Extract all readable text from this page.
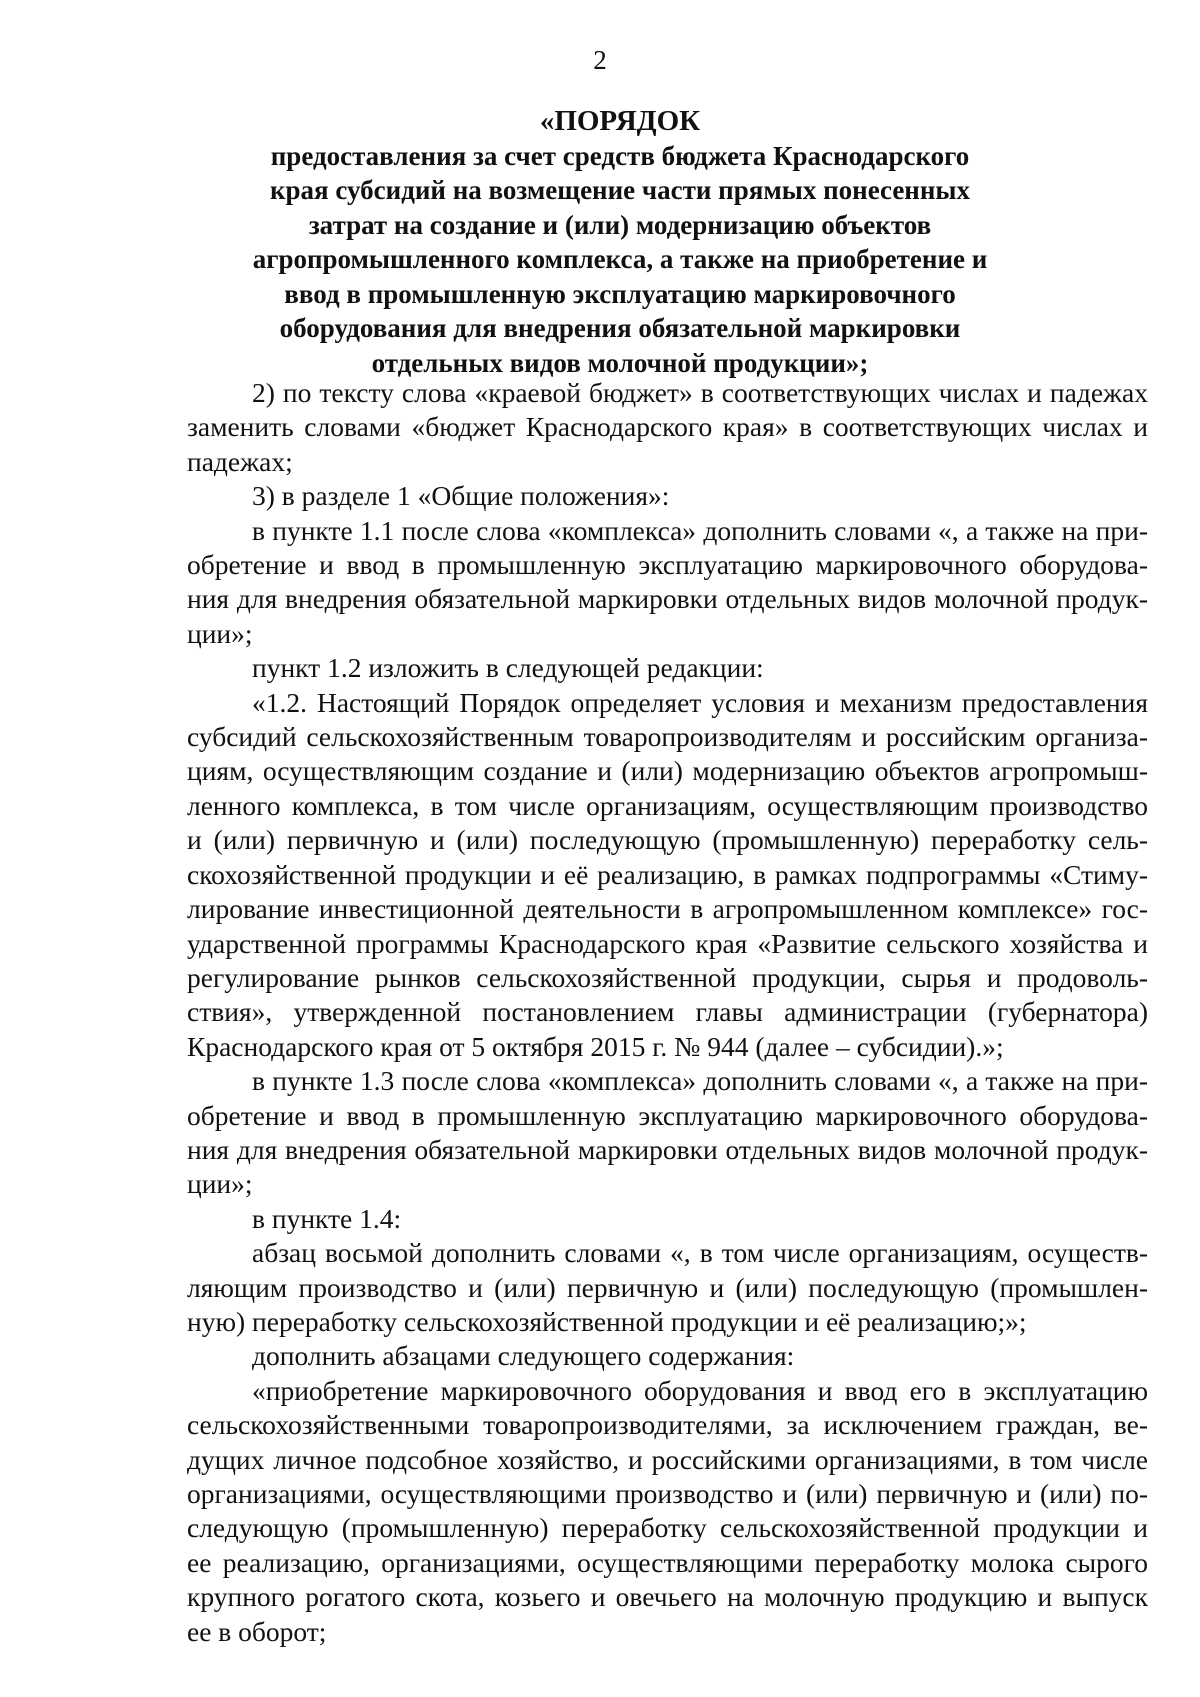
2
«ПОРЯДОК
предоставления за счет средств бюджета Краснодарского
края субсидий на возмещение части прямых понесенных
затрат на создание и (или) модернизацию объектов
агропромышленного комплекса, а также на приобретение и
ввод в промышленную эксплуатацию маркировочного
оборудования для внедрения обязательной маркировки
отдельных видов молочной продукции»;
2) по тексту слова «краевой бюджет» в соответствующих числах и падежах
заменить словами «бюджет Краснодарского края» в соответствующих числах и
падежах;
3) в разделе 1 «Общие положения»:
в пункте 1.1 после слова «комплекса» дополнить словами «, а также на при-
обретение и ввод в промышленную эксплуатацию маркировочного оборудова-
ния для внедрения обязательной маркировки отдельных видов молочной продук-
ции»;
пункт 1.2 изложить в следующей редакции:
«1.2. Настоящий Порядок определяет условия и механизм предоставления
субсидий сельскохозяйственным товаропроизводителям и российским организа-
циям, осуществляющим создание и (или) модернизацию объектов агропромыш-
ленного комплекса, в том числе организациям, осуществляющим производство
и (или) первичную и (или) последующую (промышленную) переработку сель-
скохозяйственной продукции и её реализацию, в рамках подпрограммы «Стиму-
лирование инвестиционной деятельности в агропромышленном комплексе» гос-
ударственной программы Краснодарского края «Развитие сельского хозяйства и
регулирование рынков сельскохозяйственной продукции, сырья и продоволь-
ствия», утвержденной постановлением главы администрации (губернатора)
Краснодарского края от 5 октября 2015 г. № 944 (далее – субсидии).»;
в пункте 1.3 после слова «комплекса» дополнить словами «, а также на при-
обретение и ввод в промышленную эксплуатацию маркировочного оборудова-
ния для внедрения обязательной маркировки отдельных видов молочной продук-
ции»;
в пункте 1.4:
абзац восьмой дополнить словами «, в том числе организациям, осуществ-
ляющим производство и (или) первичную и (или) последующую (промышлен-
ную) переработку сельскохозяйственной продукции и её реализацию;»;
дополнить абзацами следующего содержания:
«приобретение маркировочного оборудования и ввод его в эксплуатацию
сельскохозяйственными товаропроизводителями, за исключением граждан, ве-
дущих личное подсобное хозяйство, и российскими организациями, в том числе
организациями, осуществляющими производство и (или) первичную и (или) по-
следующую (промышленную) переработку сельскохозяйственной продукции и
ее реализацию, организациями, осуществляющими переработку молока сырого
крупного рогатого скота, козьего и овечьего на молочную продукцию и выпуск
ее в оборот;
